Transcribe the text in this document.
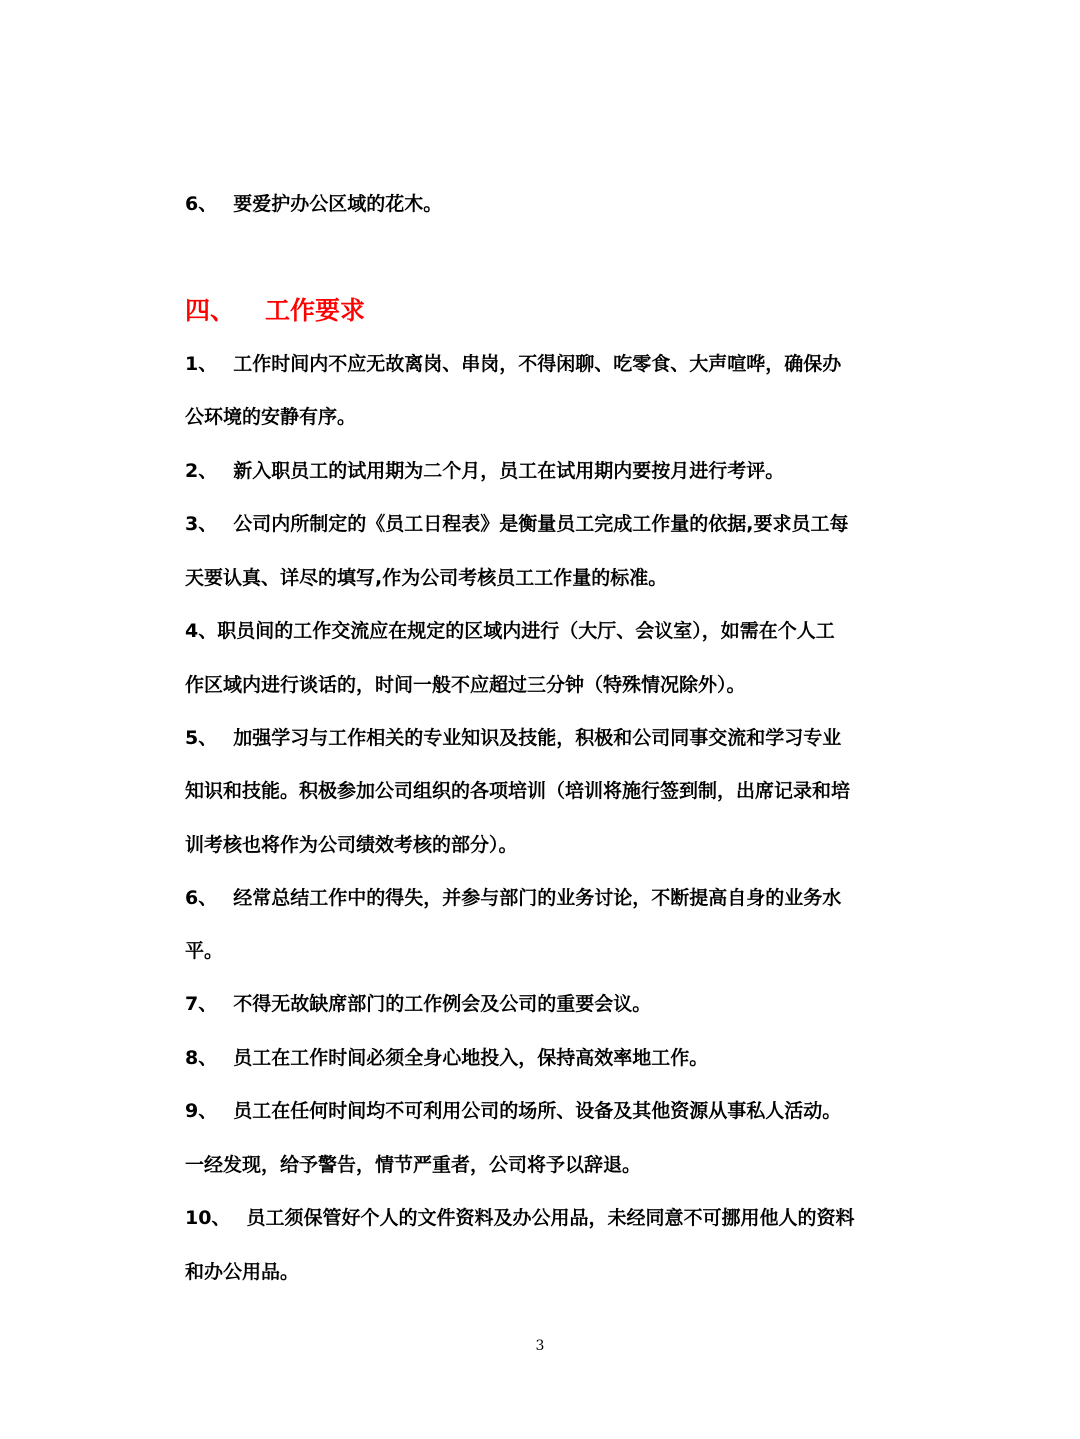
6、 要爱护办公区域的花木。
四、 工作要求
1、 工作时间内不应无故离岗、串岗，不得闲聊、吃零食、大声喧哗，确保办
公环境的安静有序。
2、 新入职员工的试用期为二个月，员工在试用期内要按月进行考评。
3、 公司内所制定的《员工日程表》是衡量员工完成工作量的依据,要求员工每
天要认真、详尽的填写,作为公司考核员工工作量的标准。
4、职员间的工作交流应在规定的区域内进行（大厅、会议室），如需在个人工
作区域内进行谈话的，时间一般不应超过三分钟（特殊情况除外）。
5、 加强学习与工作相关的专业知识及技能，积极和公司同事交流和学习专业
知识和技能。积极参加公司组织的各项培训（培训将施行签到制，出席记录和培
训考核也将作为公司绩效考核的部分）。
6、 经常总结工作中的得失，并参与部门的业务讨论，不断提高自身的业务水
平。
7、 不得无故缺席部门的工作例会及公司的重要会议。
8、 员工在工作时间必须全身心地投入，保持高效率地工作。
9、 员工在任何时间均不可利用公司的场所、设备及其他资源从事私人活动。
一经发现，给予警告，情节严重者，公司将予以辞退。
10、 员工须保管好个人的文件资料及办公用品，未经同意不可挪用他人的资料
和办公用品。
3
